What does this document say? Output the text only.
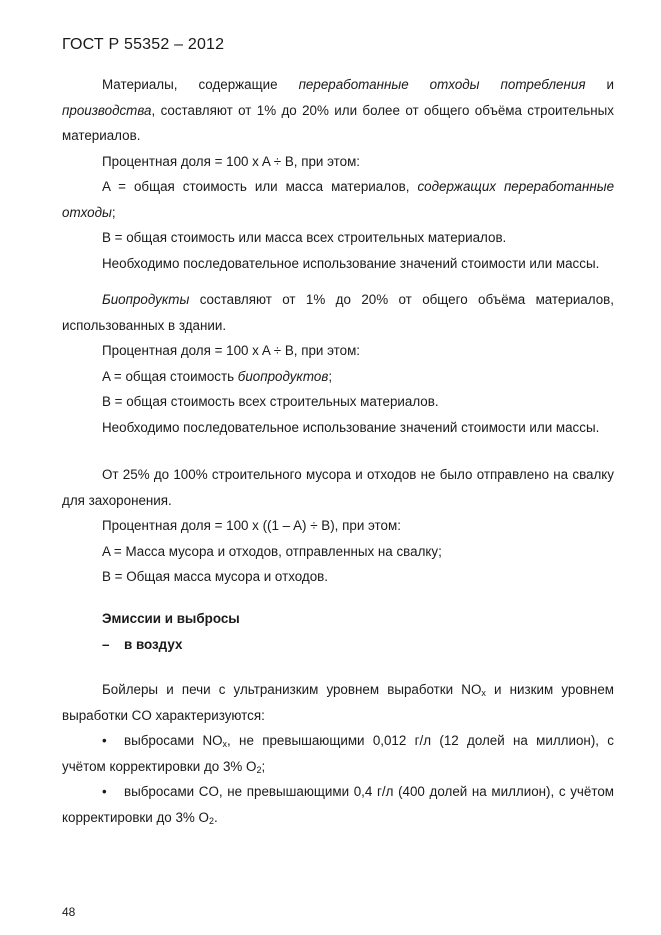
ГОСТ Р 55352 – 2012

Материалы, содержащие переработанные отходы потребления и производства, составляют от 1% до 20% или более от общего объёма строительных материалов.

Процентная доля = 100 x A ÷ B, при этом:

A = общая стоимость или масса материалов, содержащих переработанные отходы;

B = общая стоимость или масса всех строительных материалов.

Необходимо последовательное использование значений стоимости или массы.

Биопродукты составляют от 1% до 20% от общего объёма материалов, использованных в здании.

Процентная доля = 100 x A ÷ B, при этом:

A = общая стоимость биопродуктов;

B = общая стоимость всех строительных материалов.

Необходимо последовательное использование значений стоимости или массы.

От 25% до 100% строительного мусора и отходов не было отправлено на свалку для захоронения.

Процентная доля = 100 x ((1 – A) ÷ B), при этом:

A = Масса мусора и отходов, отправленных на свалку;

B = Общая масса мусора и отходов.

Эмиссии и выбросы

– в воздух

Бойлеры и печи с ультранизким уровнем выработки $NO_x$ и низким уровнем выработки CO характеризуются:

• выбросами $NO_x$, не превышающими 0,012 г/л (12 долей на миллион), с учётом корректировки до 3% $O_2$;

• выбросами CO, не превышающими 0,4 г/л (400 долей на миллион), с учётом корректировки до 3% $O_2$.

48
